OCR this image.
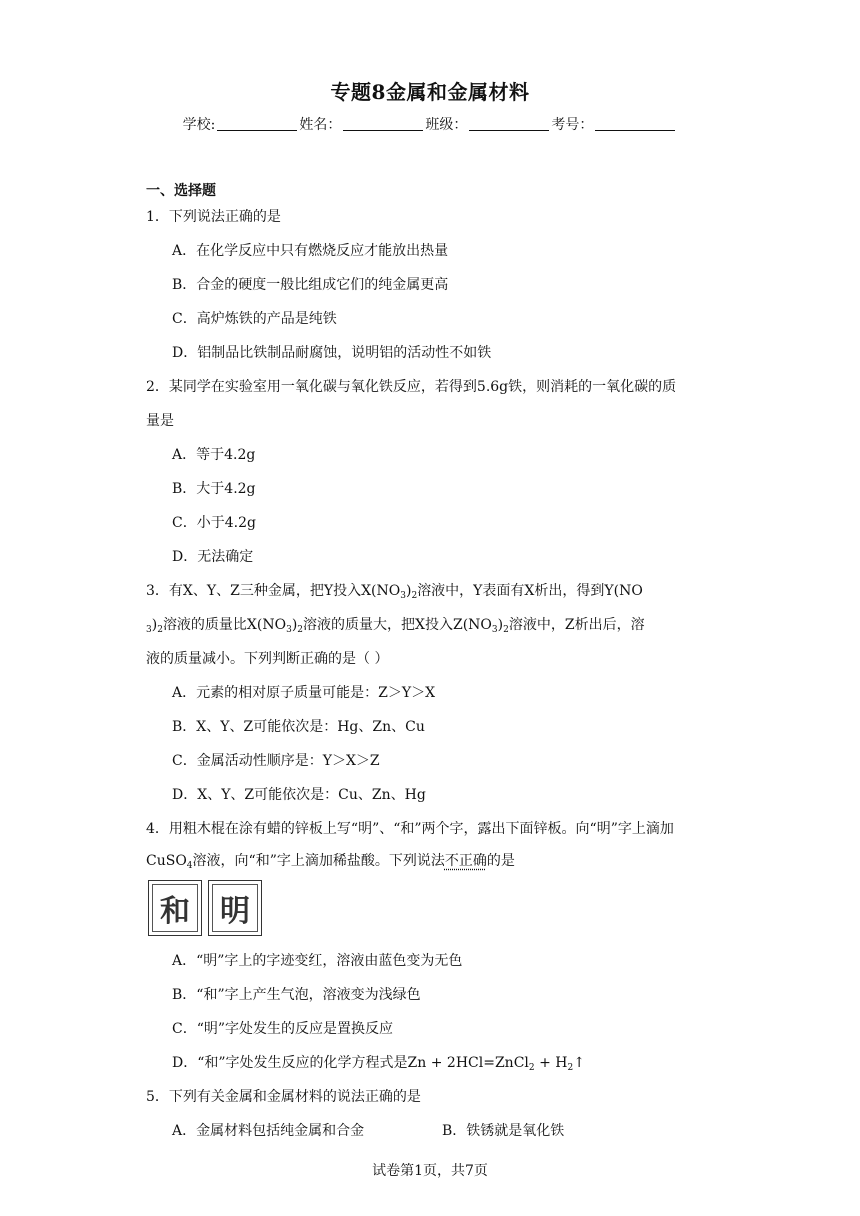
专题8金属和金属材料
学校:	姓名：	班级：	考号：
一、选择题
1．下列说法正确的是
A．在化学反应中只有燃烧反应才能放出热量
B．合金的硬度一般比组成它们的纯金属更高
C．高炉炼铁的产品是纯铁
D．铝制品比铁制品耐腐蚀，说明铝的活动性不如铁
2．某同学在实验室用一氧化碳与氧化铁反应，若得到5.6g铁，则消耗的一氧化碳的质
量是
A．等于4.2g
B．大于4.2g
C．小于4.2g
D．无法确定
3．有X、Y、Z三种金属，把Y投入$X(NO_3)_2$溶液中，Y表面有X析出，得到Y(NO
$_3)_2$溶液的质量比$X(NO_3)_2$溶液的质量大，把X投入$Z(NO_3)_2$溶液中，Z析出后，溶
液的质量减小。下列判断正确的是（ ）
A．元素的相对原子质量可能是：Z＞Y＞X
B．X、Y、Z可能依次是：Hg、Zn、Cu
C．金属活动性顺序是：Y＞X＞Z
D．X、Y、Z可能依次是：Cu、Zn、Hg
4．用粗木棍在涂有蜡的锌板上写“明”、“和”两个字，露出下面锌板。向“明”字上滴加
CuSO$_4$溶液，向“和”字上滴加稀盐酸。下列说法不正确的是
和 明
A．“明”字上的字迹变红，溶液由蓝色变为无色
B．“和”字上产生气泡，溶液变为浅绿色
C．“明”字处发生的反应是置换反应
D．“和”字处发生反应的化学方程式是Zn + 2HCl=ZnCl$_2$ + $H_2↑$
5．下列有关金属和金属材料的说法正确的是
A．金属材料包括纯金属和合金	B．铁锈就是氧化铁
试卷第1页，共7页
